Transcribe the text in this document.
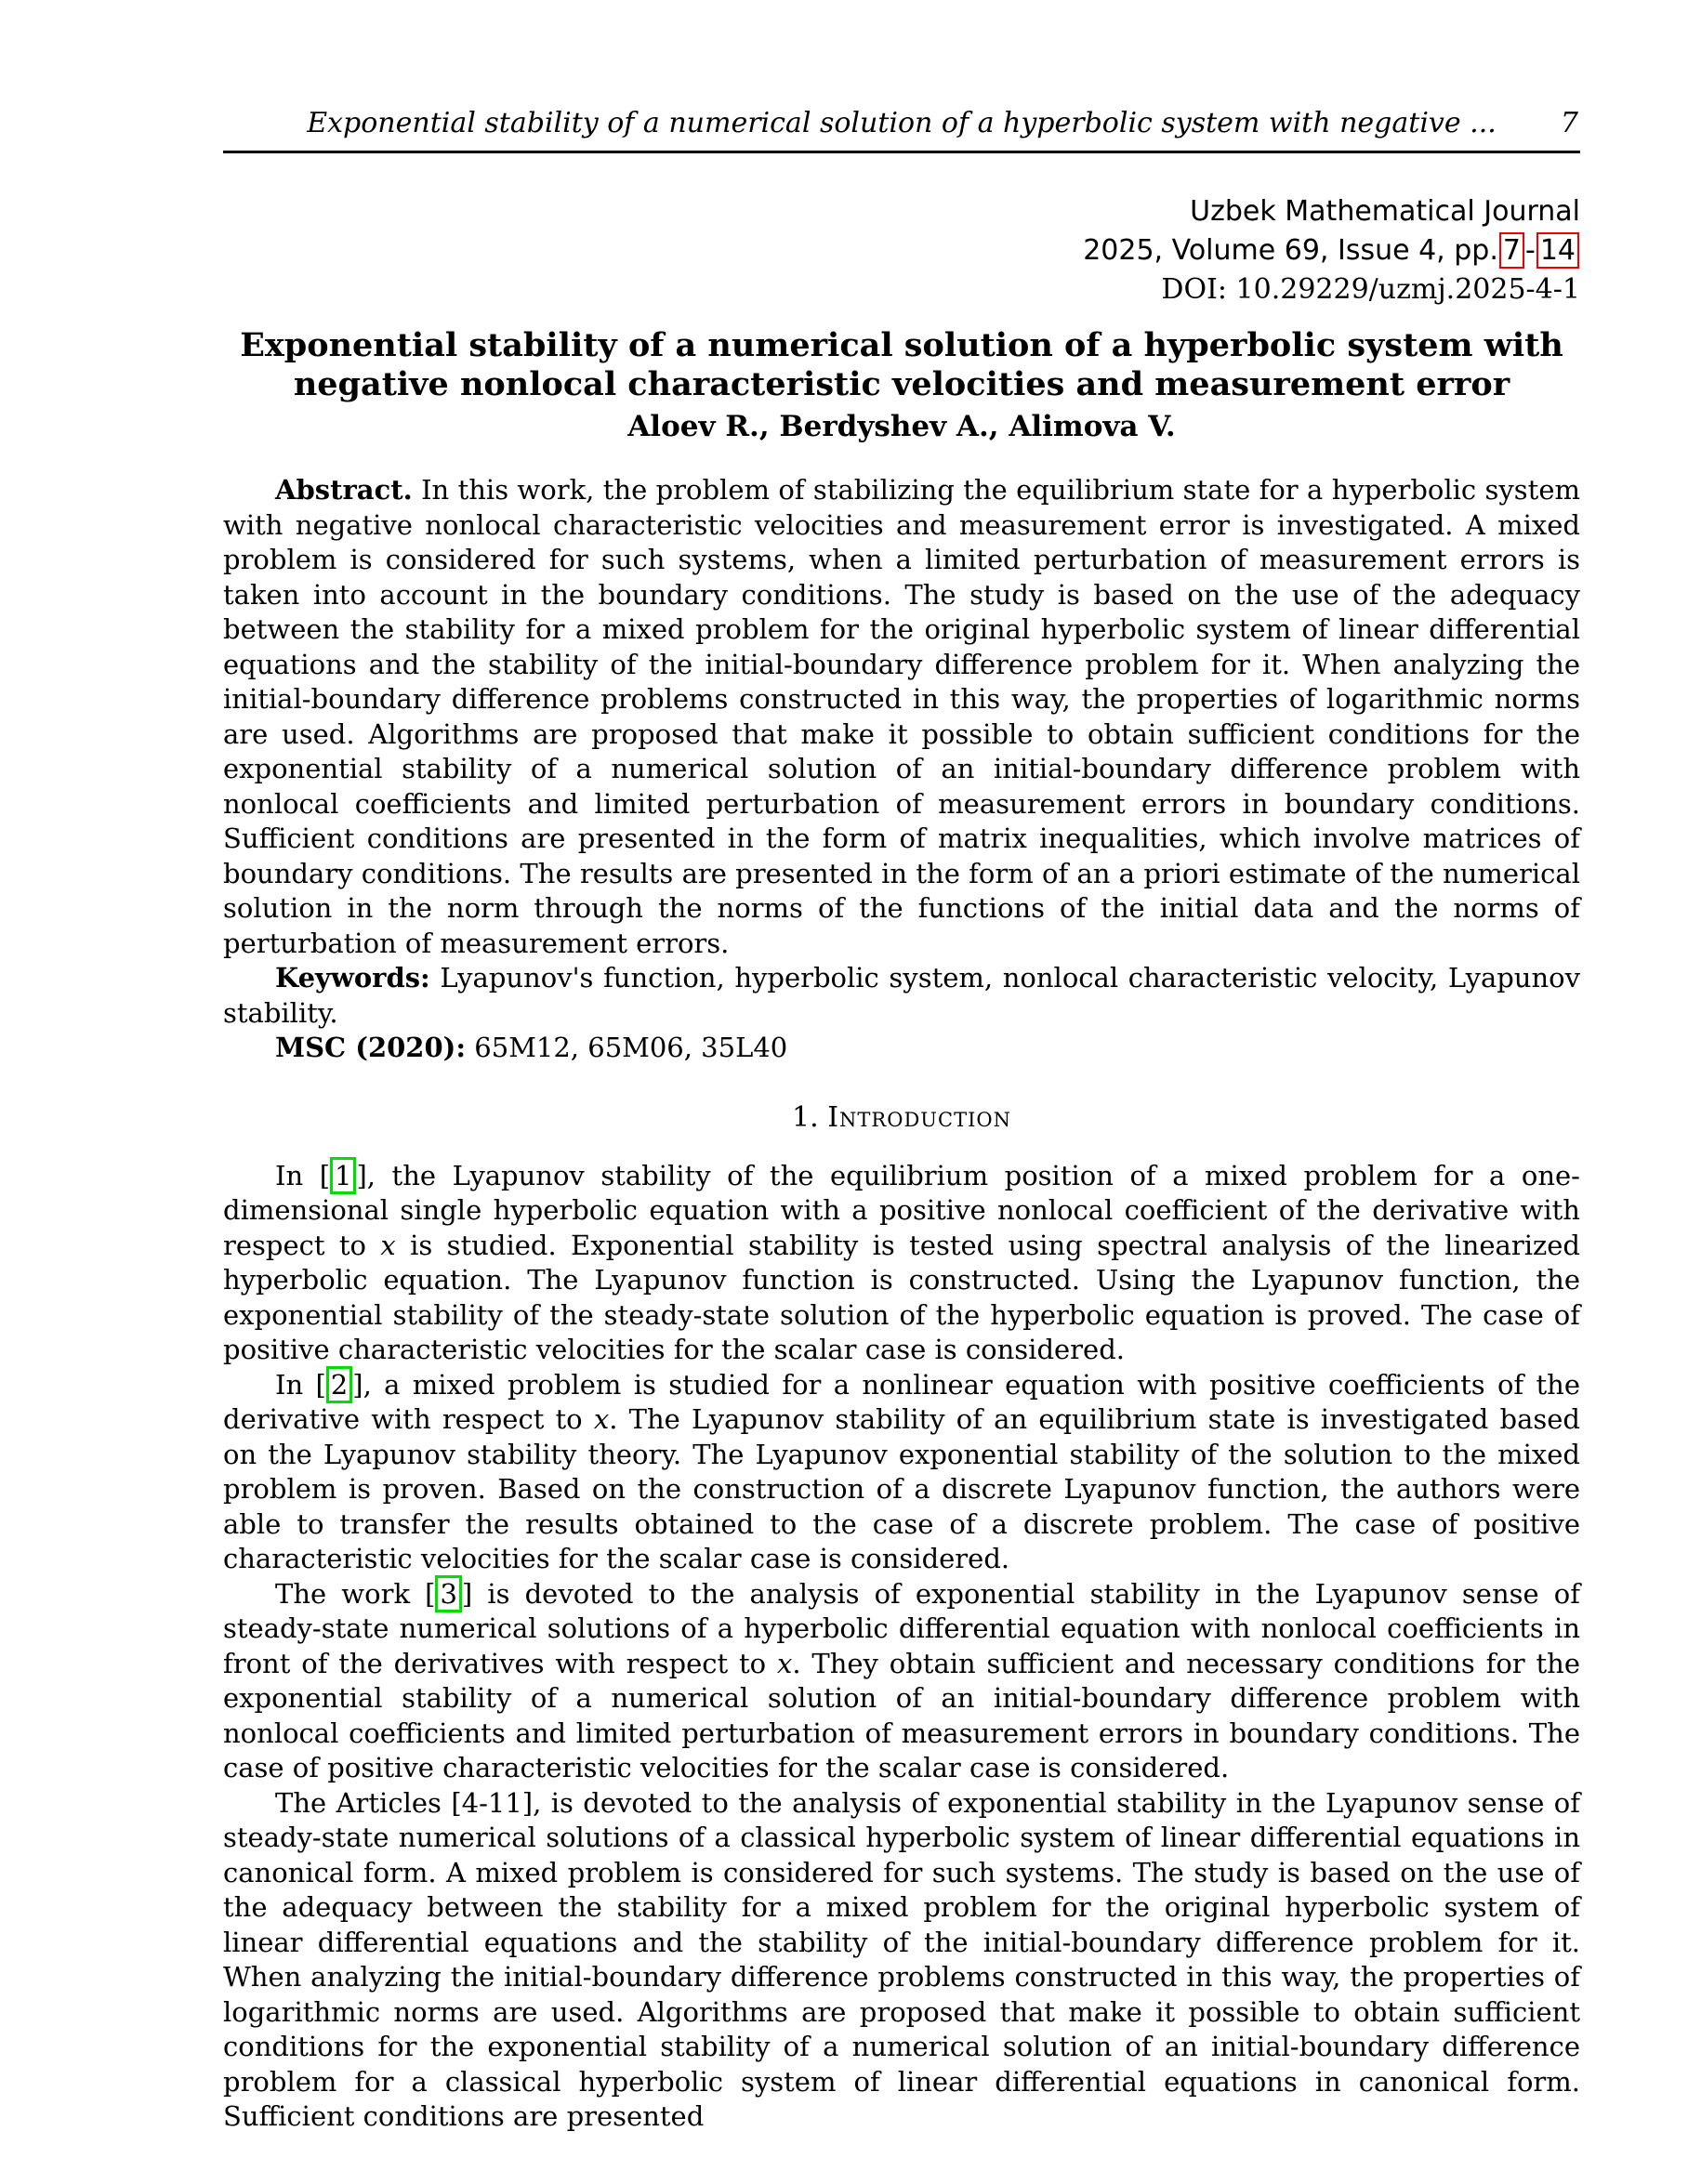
Exponential stability of a numerical solution of a hyperbolic system with negative ... 7
Uzbek Mathematical Journal
2025, Volume 69, Issue 4, pp. 7 - 14
DOI: 10.29229/uzmj.2025-4-1
Exponential stability of a numerical solution of a hyperbolic system with negative nonlocal characteristic velocities and measurement error
Aloev R., Berdyshev A., Alimova V.

Abstract. In this work, the problem of stabilizing the equilibrium state for a hyperbolic system with negative nonlocal characteristic velocities and measurement error is investigated. A mixed problem is considered for such systems, when a limited perturbation of measurement errors is taken into account in the boundary conditions. The study is based on the use of the adequacy between the stability for a mixed problem for the original hyperbolic system of linear differential equations and the stability of the initial-boundary difference problem for it. When analyzing the initial-boundary difference problems constructed in this way, the properties of logarithmic norms are used. Algorithms are proposed that make it possible to obtain sufficient conditions for the exponential stability of a numerical solution of an initial-boundary difference problem with nonlocal coefficients and limited perturbation of measurement errors in boundary conditions. Sufficient conditions are presented in the form of matrix inequalities, which involve matrices of boundary conditions. The results are presented in the form of an a priori estimate of the numerical solution in the norm through the norms of the functions of the initial data and the norms of perturbation of measurement errors.

Keywords: Lyapunov's function, hyperbolic system, nonlocal characteristic velocity, Lyapunov stability.

MSC (2020): 65M12, 65M06, 35L40

1. Introduction

In [ 1 ], the Lyapunov stability of the equilibrium position of a mixed problem for a one-dimensional single hyperbolic equation with a positive nonlocal coefficient of the derivative with respect to x is studied. Exponential stability is tested using spectral analysis of the linearized hyperbolic equation. The Lyapunov function is constructed. Using the Lyapunov function, the exponential stability of the steady-state solution of the hyperbolic equation is proved. The case of positive characteristic velocities for the scalar case is considered.

In [ 2 ], a mixed problem is studied for a nonlinear equation with positive coefficients of the derivative with respect to x. The Lyapunov stability of an equilibrium state is investigated based on the Lyapunov stability theory. The Lyapunov exponential stability of the solution to the mixed problem is proven. Based on the construction of a discrete Lyapunov function, the authors were able to transfer the results obtained to the case of a discrete problem. The case of positive characteristic velocities for the scalar case is considered.

The work [ 3 ] is devoted to the analysis of exponential stability in the Lyapunov sense of steady-state numerical solutions of a hyperbolic differential equation with nonlocal coefficients in front of the derivatives with respect to x. They obtain sufficient and necessary conditions for the exponential stability of a numerical solution of an initial-boundary difference problem with nonlocal coefficients and limited perturbation of measurement errors in boundary conditions. The case of positive characteristic velocities for the scalar case is considered.

The Articles [4-11], is devoted to the analysis of exponential stability in the Lyapunov sense of steady-state numerical solutions of a classical hyperbolic system of linear differential equations in canonical form. A mixed problem is considered for such systems. The study is based on the use of the adequacy between the stability for a mixed problem for the original hyperbolic system of linear differential equations and the stability of the initial-boundary difference problem for it. When analyzing the initial-boundary difference problems constructed in this way, the properties of logarithmic norms are used. Algorithms are proposed that make it possible to obtain sufficient conditions for the exponential stability of a numerical solution of an initial-boundary difference problem for a classical hyperbolic system of linear differential equations in canonical form. Sufficient conditions are presented
